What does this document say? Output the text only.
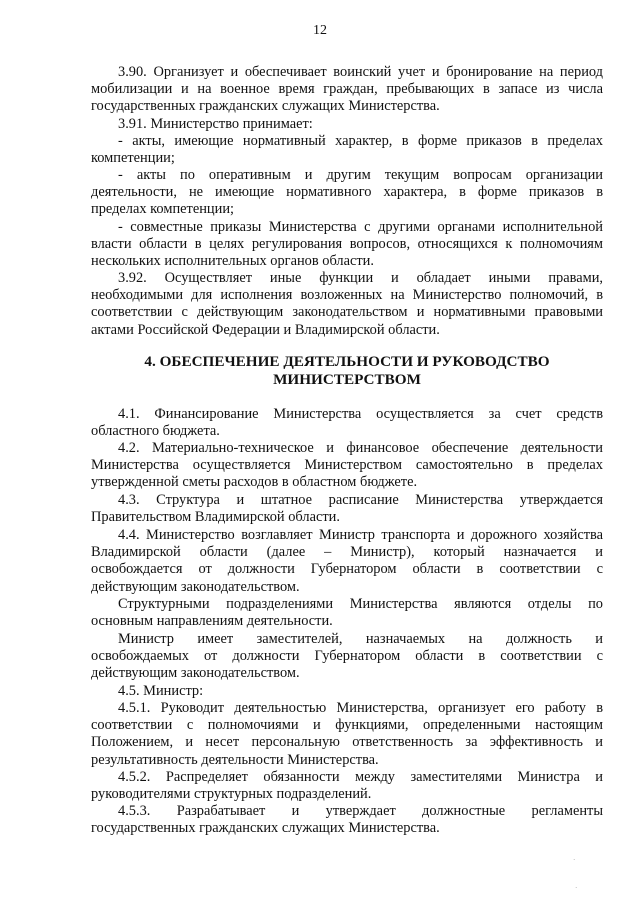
12
3.90. Организует и обеспечивает воинский учет и бронирование на период
мобилизации и на военное время граждан, пребывающих в запасе из числа
государственных гражданских служащих Министерства.
3.91. Министерство принимает:
- акты, имеющие нормативный характер, в форме приказов в пределах
компетенции;
- акты по оперативным и другим текущим вопросам организации
деятельности, не имеющие нормативного характера, в форме приказов в
пределах компетенции;
- совместные приказы Министерства с другими органами исполнительной
власти области в целях регулирования вопросов, относящихся к полномочиям
нескольких исполнительных органов области.
3.92. Осуществляет иные функции и обладает иными правами,
необходимыми для исполнения возложенных на Министерство полномочий, в
соответствии с действующим законодательством и нормативными правовыми
актами Российской Федерации и Владимирской области.
4. ОБЕСПЕЧЕНИЕ ДЕЯТЕЛЬНОСТИ И РУКОВОДСТВО
МИНИСТЕРСТВОМ
4.1. Финансирование Министерства осуществляется за счет средств
областного бюджета.
4.2. Материально-техническое и финансовое обеспечение деятельности
Министерства осуществляется Министерством самостоятельно в пределах
утвержденной сметы расходов в областном бюджете.
4.3. Структура и штатное расписание Министерства утверждается
Правительством Владимирской области.
4.4. Министерство возглавляет Министр транспорта и дорожного хозяйства
Владимирской области (далее – Министр), который назначается и
освобождается от должности Губернатором области в соответствии с
действующим законодательством.
Структурными подразделениями Министерства являются отделы по
основным направлениям деятельности.
Министр имеет заместителей, назначаемых на должность и
освобождаемых от должности Губернатором области в соответствии с
действующим законодательством.
4.5. Министр:
4.5.1. Руководит деятельностью Министерства, организует его работу в
соответствии с полномочиями и функциями, определенными настоящим
Положением, и несет персональную ответственность за эффективность и
результативность деятельности Министерства.
4.5.2. Распределяет обязанности между заместителями Министра и
руководителями структурных подразделений.
4.5.3. Разрабатывает и утверждает должностные регламенты
государственных гражданских служащих Министерства.
·
·
